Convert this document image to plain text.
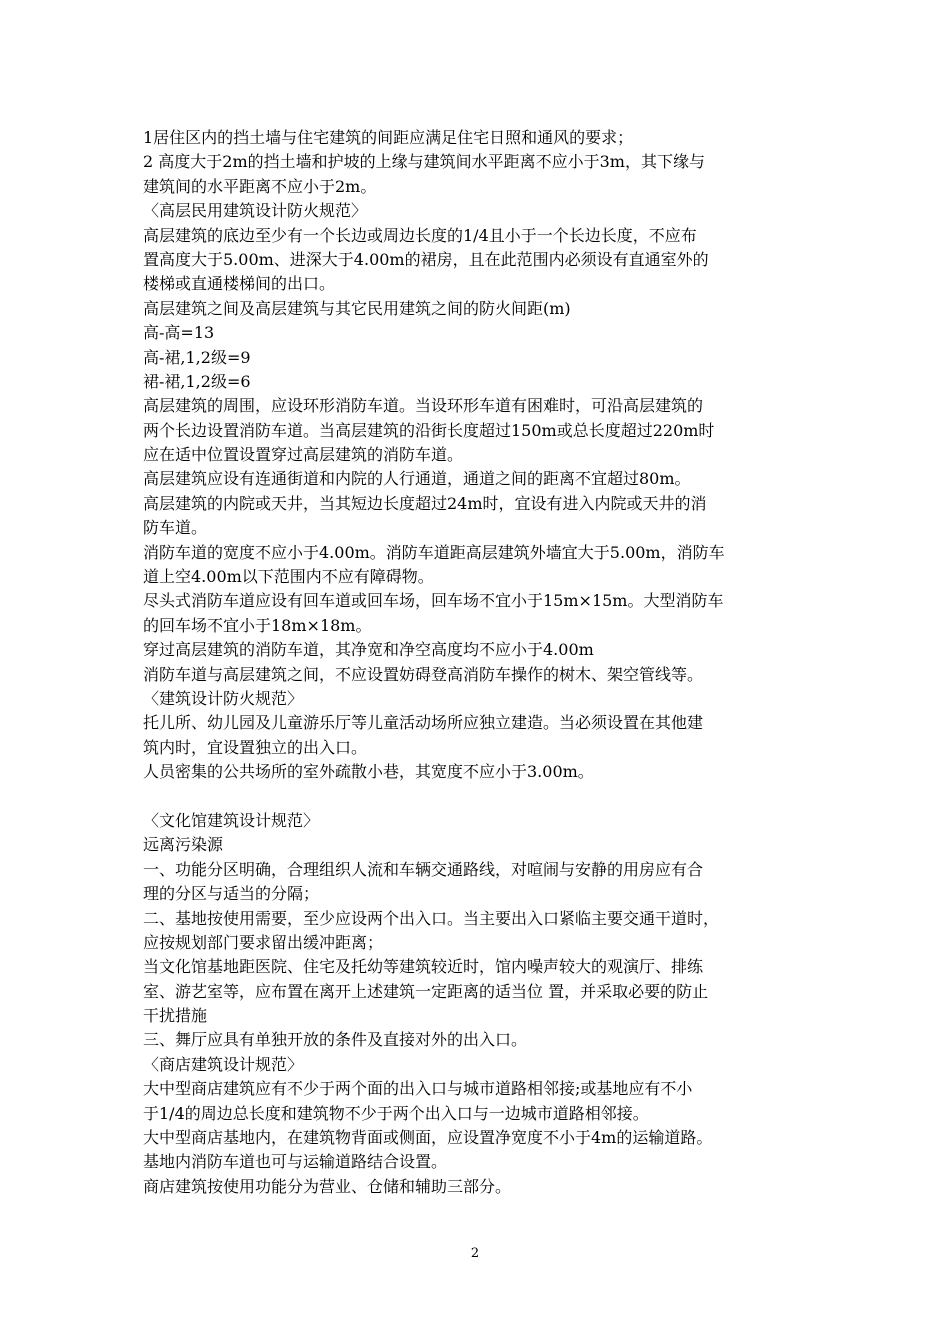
1居住区内的挡土墙与住宅建筑的间距应满足住宅日照和通风的要求；
2 高度大于2m的挡土墙和护坡的上缘与建筑间水平距离不应小于3m，其下缘与
建筑间的水平距离不应小于2m。
〈高层民用建筑设计防火规范〉
高层建筑的底边至少有一个长边或周边长度的1/4且小于一个长边长度，不应布
置高度大于5.00m、进深大于4.00m的裙房，且在此范围内必须设有直通室外的
楼梯或直通楼梯间的出口。
高层建筑之间及高层建筑与其它民用建筑之间的防火间距(m)
高-高=13
高-裙,1,2级=9
裙-裙,1,2级=6
高层建筑的周围，应设环形消防车道。当设环形车道有困难时，可沿高层建筑的
两个长边设置消防车道。当高层建筑的沿街长度超过150m或总长度超过220m时
应在适中位置设置穿过高层建筑的消防车道。
高层建筑应设有连通街道和内院的人行通道，通道之间的距离不宜超过80m。
高层建筑的内院或天井，当其短边长度超过24m时，宜设有进入内院或天井的消
防车道。
消防车道的宽度不应小于4.00m。消防车道距高层建筑外墙宜大于5.00m，消防车
道上空4.00m以下范围内不应有障碍物。
尽头式消防车道应设有回车道或回车场，回车场不宜小于15m×15m。大型消防车
的回车场不宜小于18m×18m。
穿过高层建筑的消防车道，其净宽和净空高度均不应小于4.00m
消防车道与高层建筑之间，不应设置妨碍登高消防车操作的树木、架空管线等。
〈建筑设计防火规范〉
托儿所、幼儿园及儿童游乐厅等儿童活动场所应独立建造。当必须设置在其他建
筑内时，宜设置独立的出入口。
人员密集的公共场所的室外疏散小巷，其宽度不应小于3.00m。
〈文化馆建筑设计规范〉
远离污染源
一、功能分区明确，合理组织人流和车辆交通路线，对喧闹与安静的用房应有合
理的分区与适当的分隔；
二、基地按使用需要，至少应设两个出入口。当主要出入口紧临主要交通干道时，
应按规划部门要求留出缓冲距离；
当文化馆基地距医院、住宅及托幼等建筑较近时，馆内噪声较大的观演厅、排练
室、游艺室等，应布置在离开上述建筑一定距离的适当位 置，并采取必要的防止
干扰措施
三、舞厅应具有单独开放的条件及直接对外的出入口。
〈商店建筑设计规范〉
大中型商店建筑应有不少于两个面的出入口与城市道路相邻接;或基地应有不小
于1/4的周边总长度和建筑物不少于两个出入口与一边城市道路相邻接。
大中型商店基地内，在建筑物背面或侧面，应设置净宽度不小于4m的运输道路。
基地内消防车道也可与运输道路结合设置。
商店建筑按使用功能分为营业、仓储和辅助三部分。
2
